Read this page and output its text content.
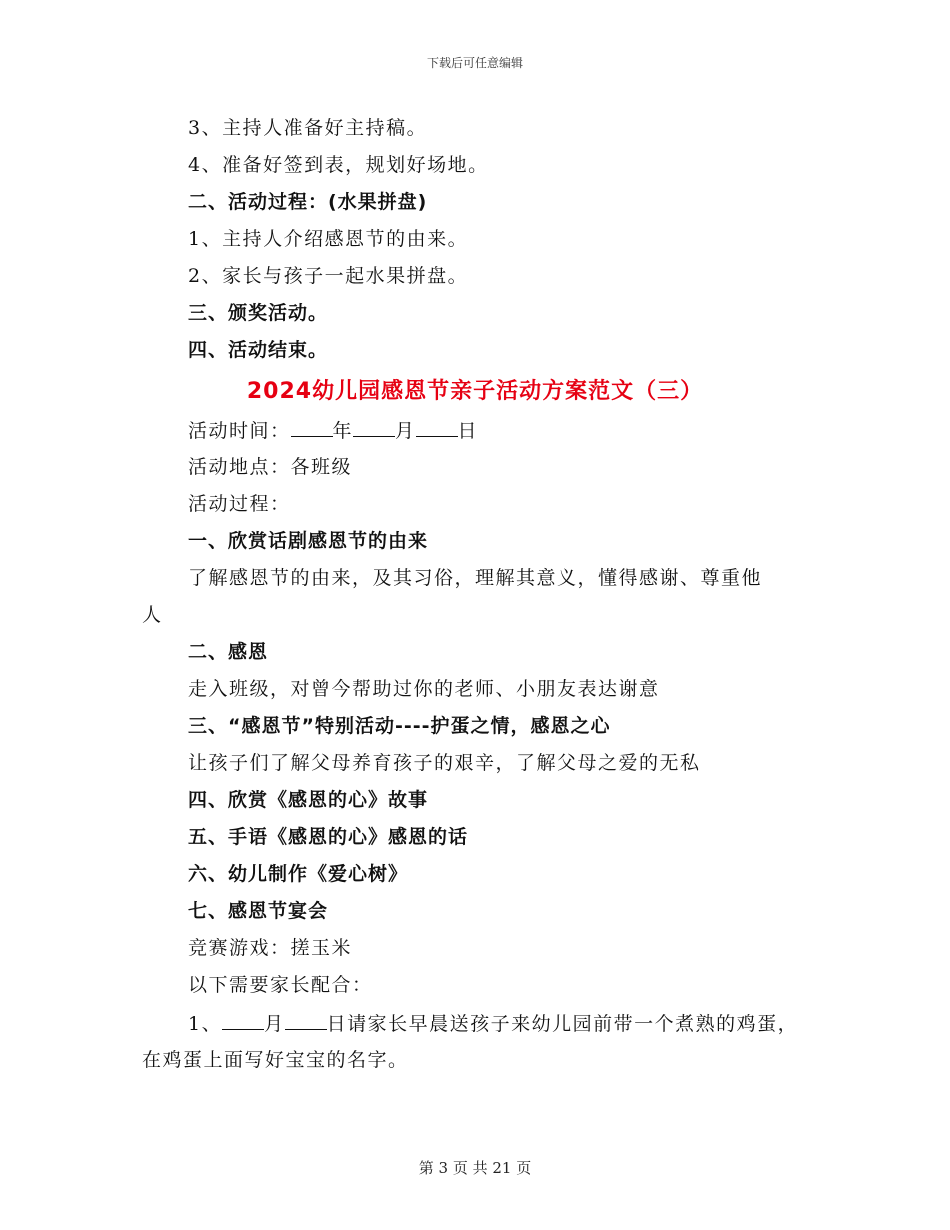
下载后可任意编辑
3、主持人准备好主持稿。
4、准备好签到表，规划好场地。
二、活动过程：(水果拼盘)
1、主持人介绍感恩节的由来。
2、家长与孩子一起水果拼盘。
三、颁奖活动。
四、活动结束。
2024幼儿园感恩节亲子活动方案范文（三）
活动时间： 年 月 日
活动地点：各班级
活动过程：
一、欣赏话剧感恩节的由来
了解感恩节的由来，及其习俗，理解其意义，懂得感谢、尊重他
人
二、感恩
走入班级，对曾今帮助过你的老师、小朋友表达谢意
三、“感恩节”特别活动----护蛋之情，感恩之心
让孩子们了解父母养育孩子的艰辛，了解父母之爱的无私
四、欣赏《感恩的心》故事
五、手语《感恩的心》感恩的话
六、幼儿制作《爱心树》
七、感恩节宴会
竞赛游戏：搓玉米
以下需要家长配合：
1、 月 日请家长早晨送孩子来幼儿园前带一个煮熟的鸡蛋，
在鸡蛋上面写好宝宝的名字。
第 3 页 共 21 页
